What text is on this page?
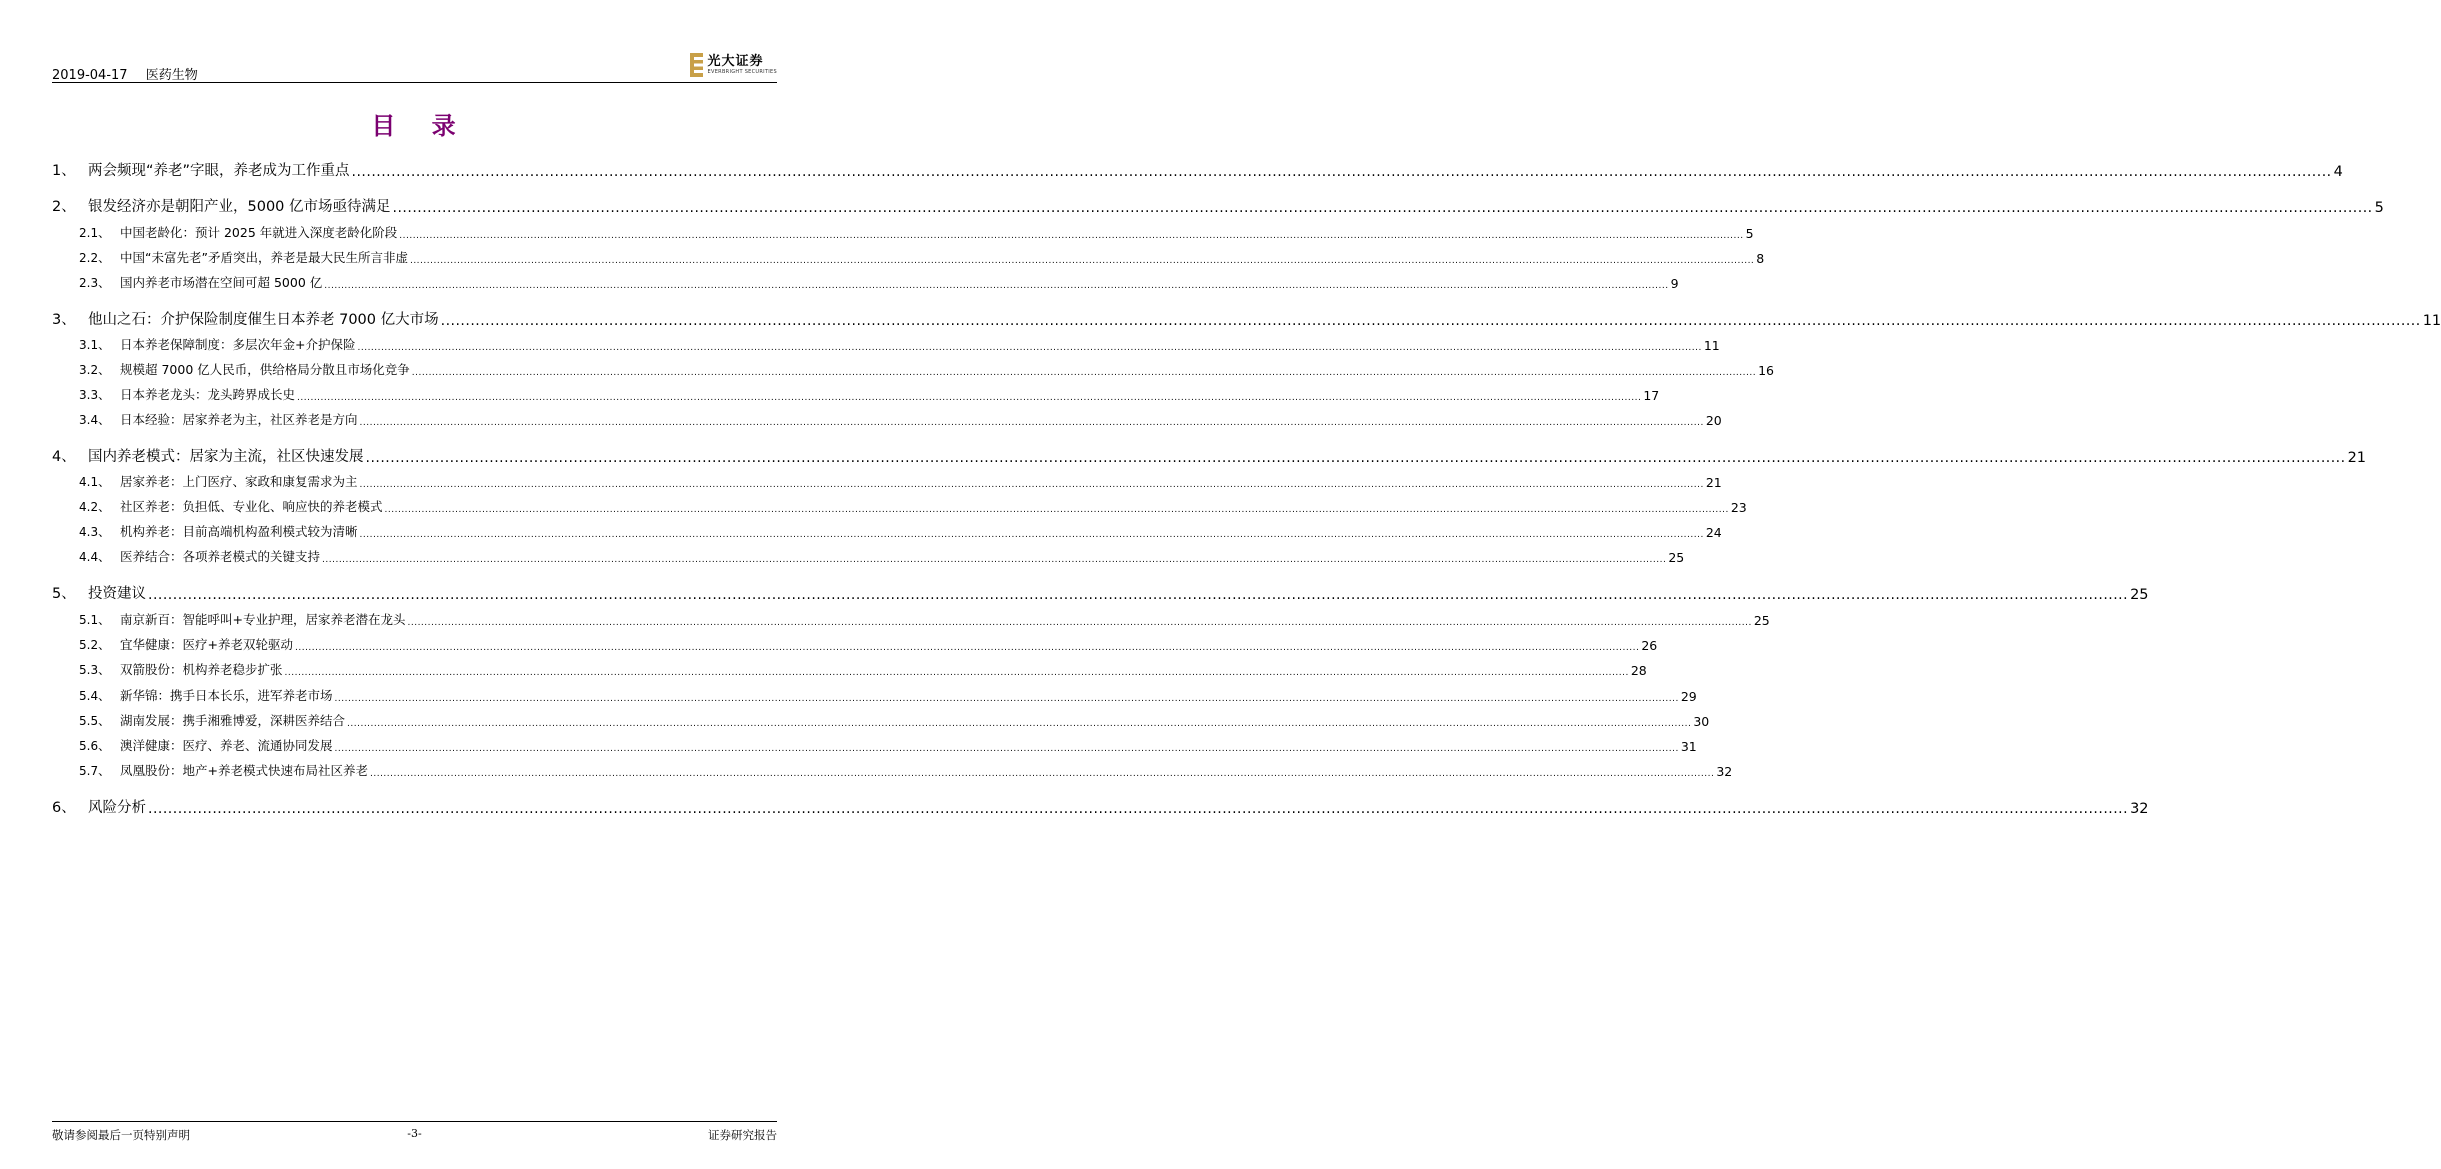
2019-04-17 医药生物
光大证券
EVERBRIGHT SECURITIES
目 录
1、 两会频现“养老”字眼，养老成为工作重点 ................................................................................................................................................................................................................................................................................................................................................................................................................ 4
2、 银发经济亦是朝阳产业，5000 亿市场亟待满足 ................................................................................................................................................................................................................................................................................................................................................................................................................ 5
2.1、 中国老龄化：预计 2025 年就进入深度老龄化阶段 ................................................................................................................................................................................................................................................................................................................................................................................................................ 5
2.2、 中国“未富先老”矛盾突出，养老是最大民生所言非虚 ................................................................................................................................................................................................................................................................................................................................................................................................................ 8
2.3、 国内养老市场潜在空间可超 5000 亿 ................................................................................................................................................................................................................................................................................................................................................................................................................ 9
3、 他山之石：介护保险制度催生日本养老 7000 亿大市场 ................................................................................................................................................................................................................................................................................................................................................................................................................ 11
3.1、 日本养老保障制度：多层次年金+介护保险 ................................................................................................................................................................................................................................................................................................................................................................................................................ 11
3.2、 规模超 7000 亿人民币，供给格局分散且市场化竞争 ................................................................................................................................................................................................................................................................................................................................................................................................................ 16
3.3、 日本养老龙头：龙头跨界成长史 ................................................................................................................................................................................................................................................................................................................................................................................................................ 17
3.4、 日本经验：居家养老为主，社区养老是方向 ................................................................................................................................................................................................................................................................................................................................................................................................................ 20
4、 国内养老模式：居家为主流，社区快速发展 ................................................................................................................................................................................................................................................................................................................................................................................................................ 21
4.1、 居家养老：上门医疗、家政和康复需求为主 ................................................................................................................................................................................................................................................................................................................................................................................................................ 21
4.2、 社区养老：负担低、专业化、响应快的养老模式 ................................................................................................................................................................................................................................................................................................................................................................................................................ 23
4.3、 机构养老：目前高端机构盈利模式较为清晰 ................................................................................................................................................................................................................................................................................................................................................................................................................ 24
4.4、 医养结合：各项养老模式的关键支持 ................................................................................................................................................................................................................................................................................................................................................................................................................ 25
5、 投资建议 ................................................................................................................................................................................................................................................................................................................................................................................................................ 25
5.1、 南京新百：智能呼叫+专业护理，居家养老潜在龙头 ................................................................................................................................................................................................................................................................................................................................................................................................................ 25
5.2、 宜华健康：医疗+养老双轮驱动 ................................................................................................................................................................................................................................................................................................................................................................................................................ 26
5.3、 双箭股份：机构养老稳步扩张 ................................................................................................................................................................................................................................................................................................................................................................................................................ 28
5.4、 新华锦：携手日本长乐，进军养老市场 ................................................................................................................................................................................................................................................................................................................................................................................................................ 29
5.5、 湖南发展：携手湘雅博爱，深耕医养结合 ................................................................................................................................................................................................................................................................................................................................................................................................................ 30
5.6、 澳洋健康：医疗、养老、流通协同发展 ................................................................................................................................................................................................................................................................................................................................................................................................................ 31
5.7、 凤凰股份：地产+养老模式快速布局社区养老 ................................................................................................................................................................................................................................................................................................................................................................................................................ 32
6、 风险分析 ................................................................................................................................................................................................................................................................................................................................................................................................................ 32
敬请参阅最后一页特别声明	-3-	证券研究报告
